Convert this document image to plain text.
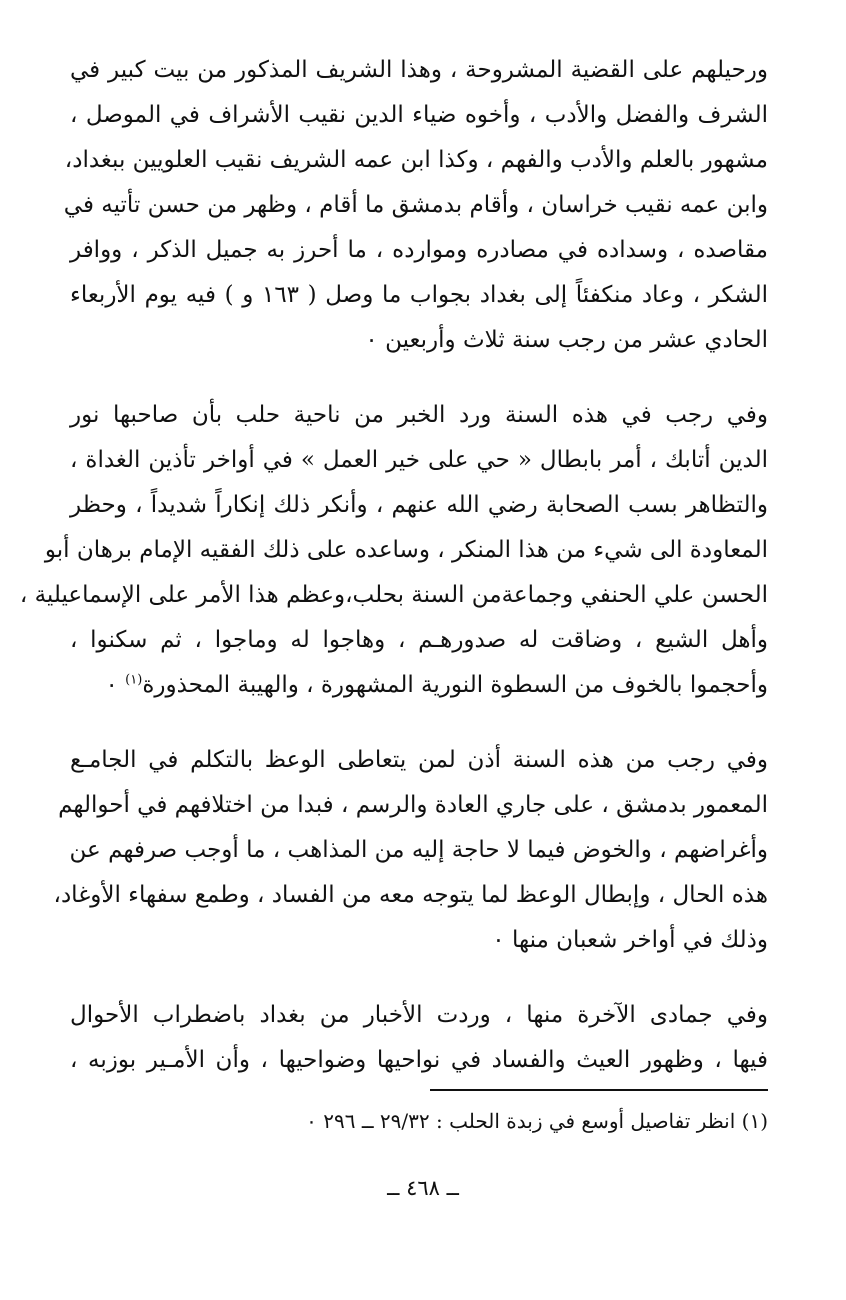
ورحيلهم على القضية المشروحة ، وهذا الشريف المذكور من بيت كبير في
الشرف والفضل والأدب ، وأخوه ضياء الدين نقيب الأشراف في الموصل ،
مشهور بالعلم والأدب والفهم ، وكذا ابن عمه الشريف نقيب العلويين ببغداد،
وابن عمه نقيب خراسان ، وأقام بدمشق ما أقام ، وظهر من حسن تأتيه في
مقاصده ، وسداده في مصادره وموارده ، ما أحرز به جميل الذكر ، ووافر
الشكر ، وعاد منكفئاً إلى بغداد بجواب ما وصل ( ١٦٣ و ) فيه يوم الأربعاء
الحادي عشر من رجب سنة ثلاث وأربعين ٠

وفي رجب في هذه السنة ورد الخبر من ناحية حلب بأن صاحبها نور
الدين أتابك ، أمر بابطال « حي على خير العمل » في أواخر تأذين الغداة ،
والتظاهر بسب الصحابة رضي الله عنهم ، وأنكر ذلك إنكاراً شديداً ، وحظر
المعاودة الى شيء من هذا المنكر ، وساعده على ذلك الفقيه الإمام برهان أبو
الحسن علي الحنفي وجماعةمن السنة بحلب،وعظم هذا الأمر على الإسماعيلية ،
وأهل الشيع ، وضاقت له صدورهـم ، وهاجوا له وماجوا ، ثم سكنوا ،
وأحجموا بالخوف من السطوة النورية المشهورة ، والهيبة المحذورة$^{(١)}$ ٠

وفي رجب من هذه السنة أذن لمن يتعاطى الوعظ بالتكلم في الجامـع
المعمور بدمشق ، على جاري العادة والرسم ، فبدا من اختلافهم في أحوالهم
وأغراضهم ، والخوض فيما لا حاجة إليه من المذاهب ، ما أوجب صرفهم عن
هذه الحال ، وإبطال الوعظ لما يتوجه معه من الفساد ، وطمع سفهاء الأوغاد،
وذلك في أواخر شعبان منها ٠

وفي جمادى الآخرة منها ، وردت الأخبار من بغداد باضطراب الأحوال
فيها ، وظهور العيث والفساد في نواحيها وضواحيها ، وأن الأمـير بوزبه ،

(١) انظر تفاصيل أوسع في زبدة الحلب : ٢٩/٣٢ ــ ٢٩٦ ٠
ــ ٤٦٨ ــ
